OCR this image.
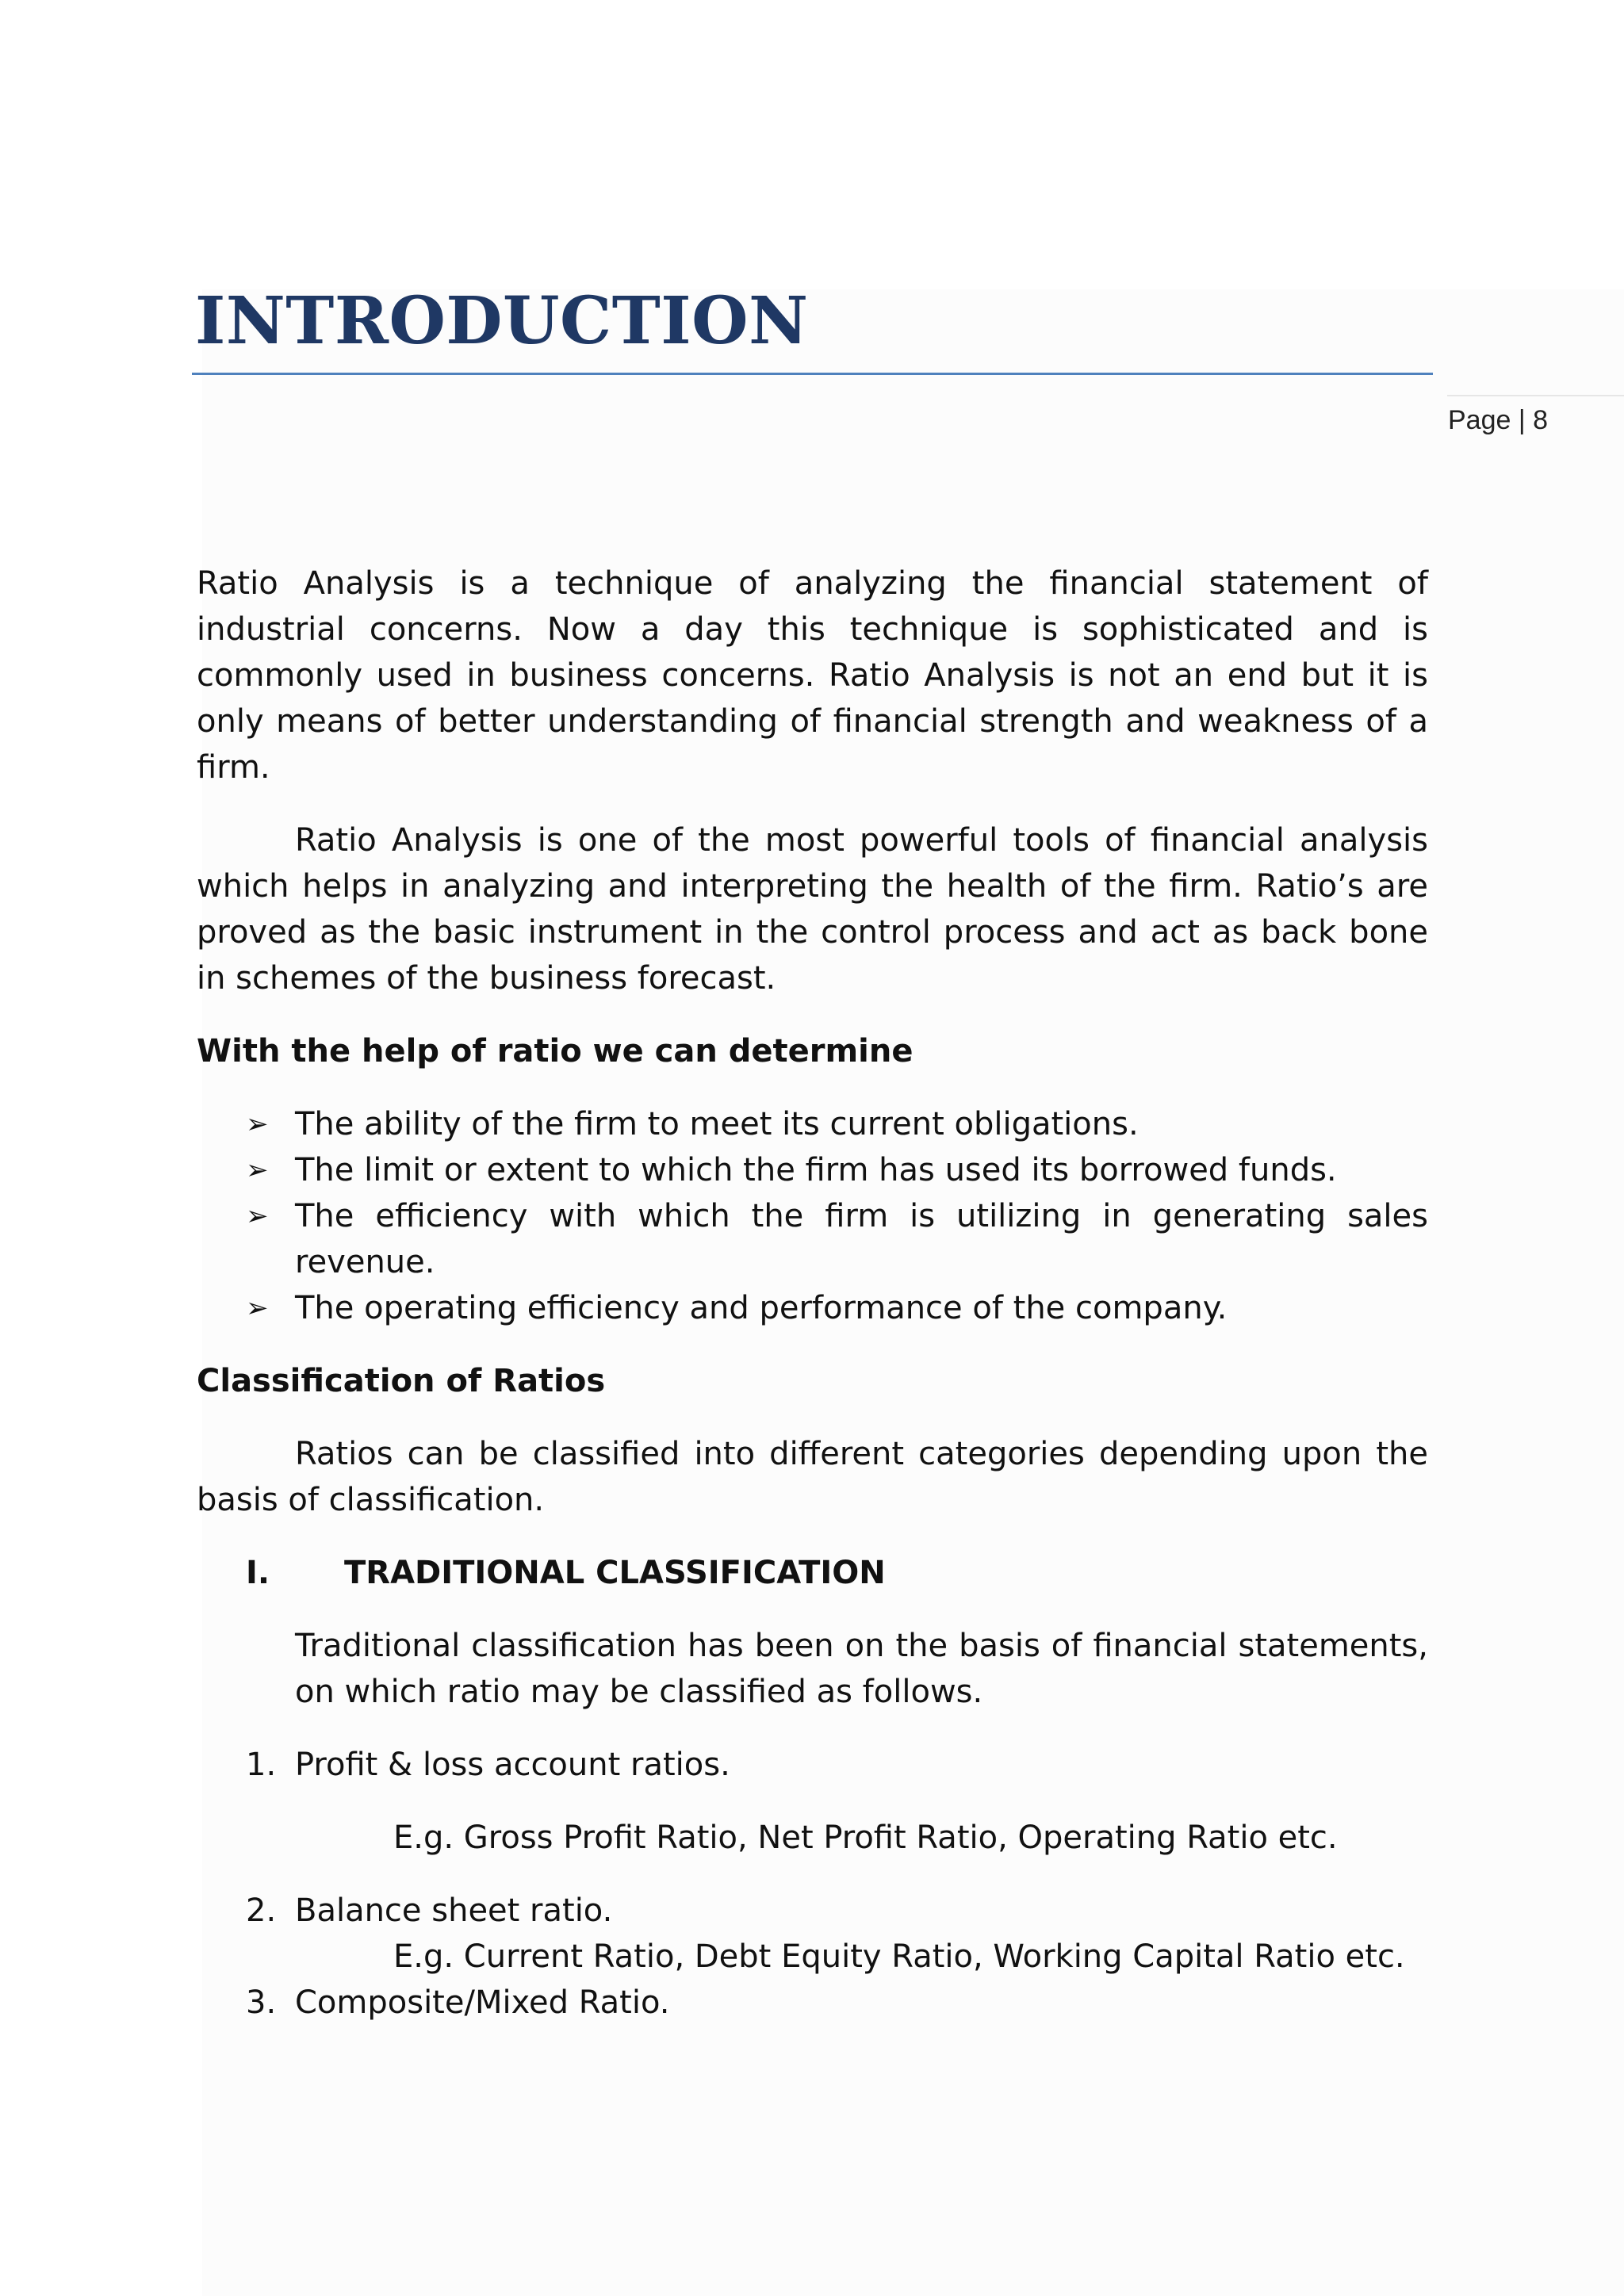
INTRODUCTION
Page | 8

Ratio Analysis is a technique of analyzing the financial statement of industrial concerns. Now a day this technique is sophisticated and is commonly used in business concerns. Ratio Analysis is not an end but it is only means of better understanding of financial strength and weakness of a firm.

Ratio Analysis is one of the most powerful tools of financial analysis which helps in analyzing and interpreting the health of the firm. Ratio’s are proved as the basic instrument in the control process and act as back bone in schemes of the business forecast.

With the help of ratio we can determine

➢ The ability of the firm to meet its current obligations.
➢ The limit or extent to which the firm has used its borrowed funds.
➢ The efficiency with which the firm is utilizing in generating sales revenue.
➢ The operating efficiency and performance of the company.

Classification of Ratios

Ratios can be classified into different categories depending upon the basis of classification.

I. TRADITIONAL CLASSIFICATION

Traditional classification has been on the basis of financial statements, on which ratio may be classified as follows.

1. Profit & loss account ratios.

E.g. Gross Profit Ratio, Net Profit Ratio, Operating Ratio etc.

2. Balance sheet ratio.

E.g. Current Ratio, Debt Equity Ratio, Working Capital Ratio etc.

3. Composite/Mixed Ratio.
